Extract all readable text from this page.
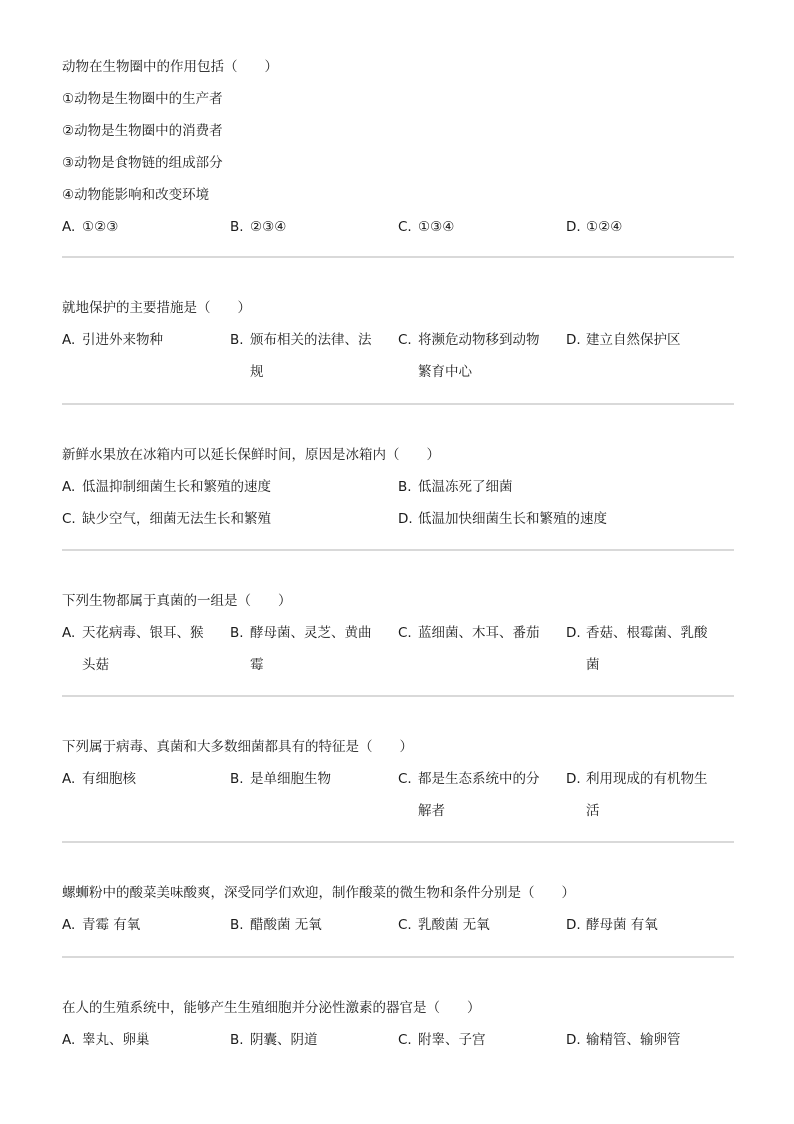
动物在生物圈中的作用包括（　　）
①动物是生物圈中的生产者
②动物是生物圈中的消费者
③动物是食物链的组成部分
④动物能影响和改变环境
A. ①②③	B. ②③④	C. ①③④	D. ①②④
就地保护的主要措施是（　　）
A. 引进外来物种	B. 颁布相关的法律、法
规
C. 将濒危动物移到动物
繁育中心
D. 建立自然保护区
新鲜水果放在冰箱内可以延长保鲜时间，原因是冰箱内（　　）
A. 低温抑制细菌生长和繁殖的速度	B. 低温冻死了细菌
C. 缺少空气，细菌无法生长和繁殖	D. 低温加快细菌生长和繁殖的速度
下列生物都属于真菌的一组是（　　）
A. 天花病毒、银耳、猴
头菇
B. 酵母菌、灵芝、黄曲
霉
C. 蓝细菌、木耳、番茄	D. 香菇、根霉菌、乳酸
菌
下列属于病毒、真菌和大多数细菌都具有的特征是（　　）
A. 有细胞核	B. 是单细胞生物	C. 都是生态系统中的分
解者
D. 利用现成的有机物生
活
螺蛳粉中的酸菜美味酸爽，深受同学们欢迎，制作酸菜的微生物和条件分别是（　　）
A. 青霉 有氧	B. 醋酸菌 无氧	C. 乳酸菌 无氧	D. 酵母菌 有氧
在人的生殖系统中，能够产生生殖细胞并分泌性激素的器官是（　　）
A. 睾丸、卵巢	B. 阴囊、阴道	C. 附睾、子宫	D. 输精管、输卵管
